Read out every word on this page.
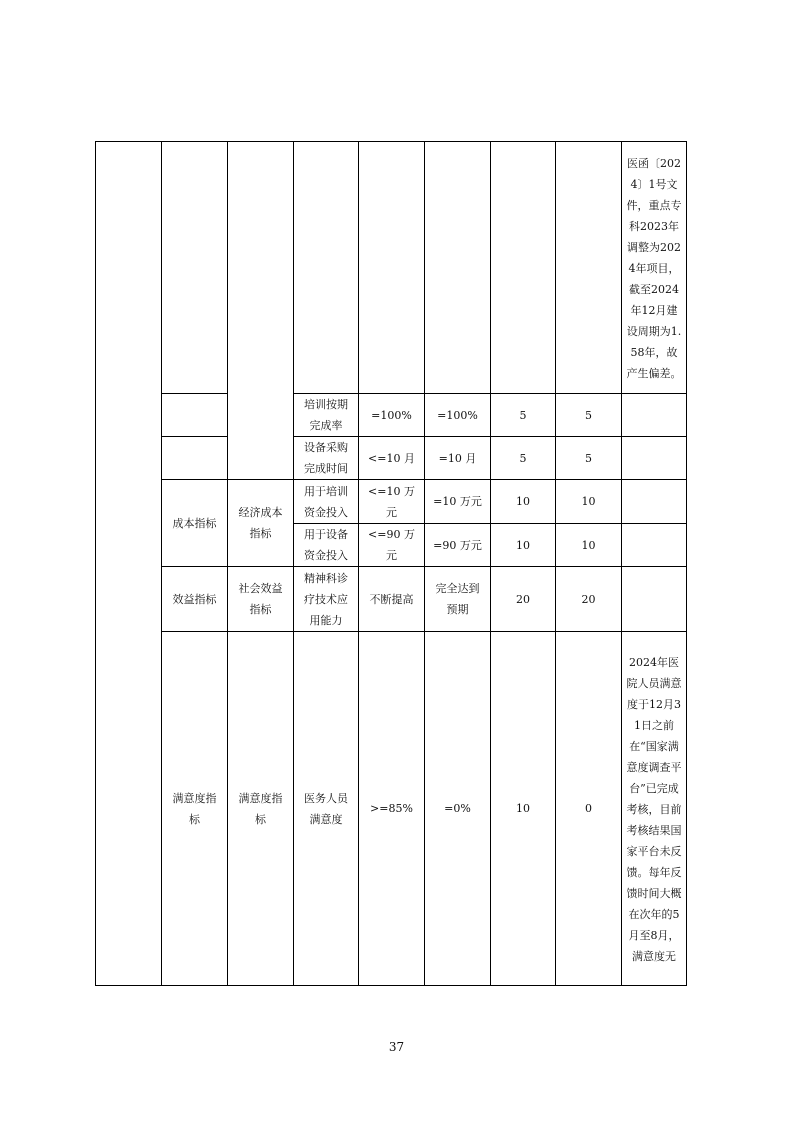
								医函〔2024〕1号文件，重点专科2023年调整为2024年项目，截至2024年12月建设周期为1.58年，故产生偏差。

			培训按期完成率	=100%	=100%	5	5	

			设备采购完成时间	<=10 月	=10 月	5	5	

	成本指标	经济成本指标	用于培训资金投入	<=10 万元	=10 万元	10	10	

			用于设备资金投入	<=90 万元	=90 万元	10	10	

	效益指标	社会效益指标	精神科诊疗技术应用能力	不断提高	完全达到预期	20	20	

	满意度指标	满意度指标	医务人员满意度	>=85%	=0%	10	0	2024年医院人员满意度于12月31日之前在“国家满意度调查平台”已完成考核，目前考核结果国家平台未反馈。每年反馈时间大概在次年的5月至8月，满意度无
37
